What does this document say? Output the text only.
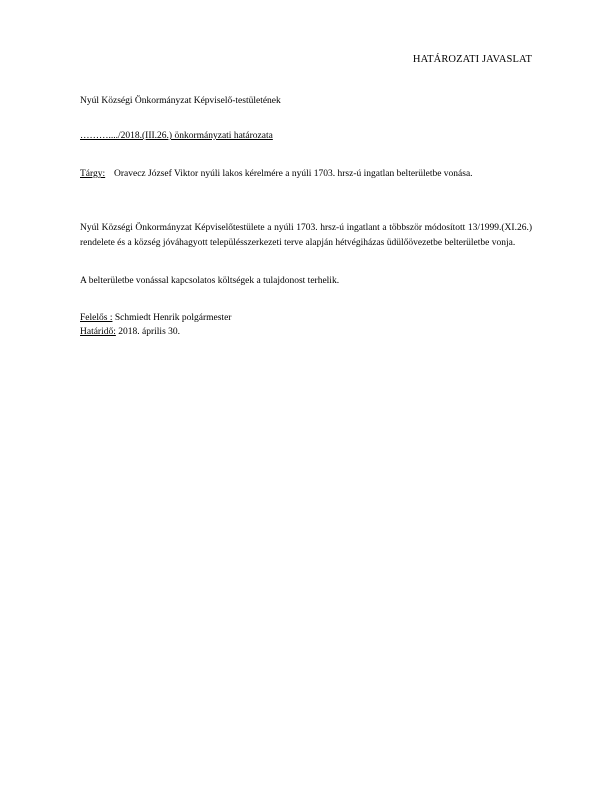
HATÁROZATI JAVASLAT
Nyúl Községi Önkormányzat Képviselő-testületének
………..../2018.(III.26.) önkormányzati határozata
Tárgy: Oravecz József Viktor nyúli lakos kérelmére a nyúli 1703. hrsz-ú ingatlan belterületbe vonása.
Nyúl Községi Önkormányzat Képviselőtestülete a nyúli 1703. hrsz-ú ingatlant a többször módosított 13/1999.(XI.26.) rendelete és a község jóváhagyott településszerkezeti terve alapján hétvégiházas üdülőövezetbe belterületbe vonja.
A belterületbe vonással kapcsolatos költségek a tulajdonost terhelik.
Felelős : Schmiedt Henrik polgármester
Határidő: 2018. április 30.
